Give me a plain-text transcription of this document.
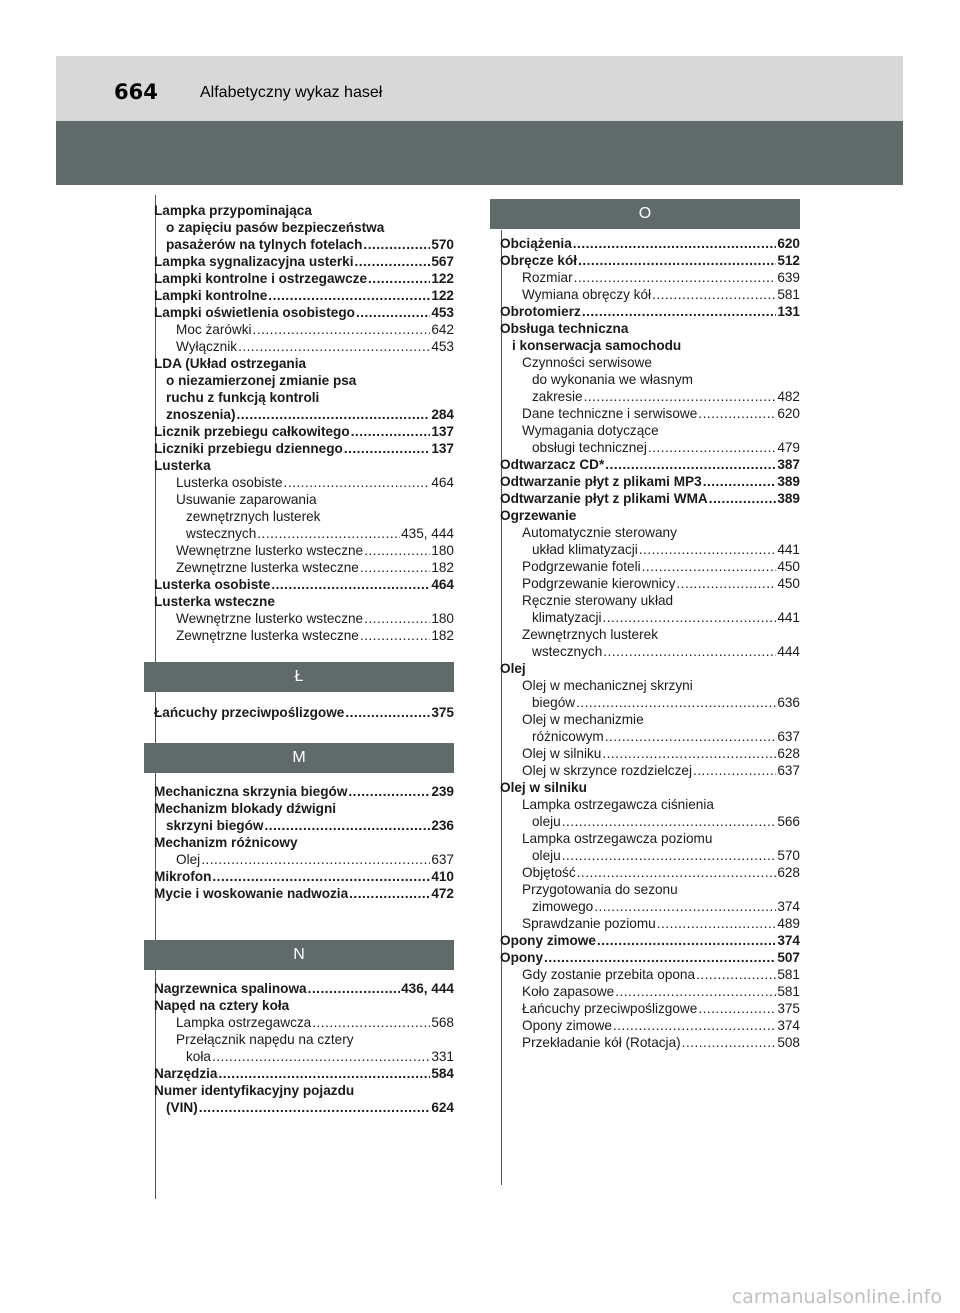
664	Alfabetyczny wykaz haseł
Lampka przypominająca
o zapięciu pasów bezpieczeństwa
pasażerów na tylnych fotelach .....	570
Lampka sygnalizacyjna usterki .....	567
Lampki kontrolne i ostrzegawcze .....	122
Lampki kontrolne .....	122
Lampki oświetlenia osobistego .....	453
Moc żarówki .....	642
Wyłącznik .....	453
LDA (Układ ostrzegania
o niezamierzonej zmianie psa
ruchu z funkcją kontroli
znoszenia) .....	284
Licznik przebiegu całkowitego .....	137
Liczniki przebiegu dziennego .....	137
Lusterka
Lusterka osobiste .....	464
Usuwanie zaparowania
zewnętrznych lusterek
wstecznych .....	435, 444
Wewnętrzne lusterko wsteczne .....	180
Zewnętrzne lusterka wsteczne .....	182
Lusterka osobiste .....	464
Lusterka wsteczne
Wewnętrzne lusterko wsteczne .....	180
Zewnętrzne lusterka wsteczne .....	182
Ł
Łańcuchy przeciwpoślizgowe .....	375
M
Mechaniczna skrzynia biegów .....	239
Mechanizm blokady dźwigni
skrzyni biegów .....	236
Mechanizm różnicowy
Olej .....	637
Mikrofon .....	410
Mycie i woskowanie nadwozia .....	472
N
Nagrzewnica spalinowa .....	436, 444
Napęd na cztery koła
Lampka ostrzegawcza .....	568
Przełącznik napędu na cztery
koła .....	331
Narzędzia .....	584
Numer identyfikacyjny pojazdu
(VIN) .....	624
O
Obciążenia .....	620
Obręcze kół .....	512
Rozmiar .....	639
Wymiana obręczy kół .....	581
Obrotomierz .....	131
Obsługa techniczna
i konserwacja samochodu
Czynności serwisowe
do wykonania we własnym
zakresie .....	482
Dane techniczne i serwisowe .....	620
Wymagania dotyczące
obsługi technicznej .....	479
Odtwarzacz CD* .....	387
Odtwarzanie płyt z plikami MP3 .....	389
Odtwarzanie płyt z plikami WMA .....	389
Ogrzewanie
Automatycznie sterowany
układ klimatyzacji .....	441
Podgrzewanie foteli .....	450
Podgrzewanie kierownicy .....	450
Ręcznie sterowany układ
klimatyzacji .....	441
Zewnętrznych lusterek
wstecznych .....	444
Olej
Olej w mechanicznej skrzyni
biegów .....	636
Olej w mechanizmie
różnicowym .....	637
Olej w silniku .....	628
Olej w skrzynce rozdzielczej .....	637
Olej w silniku
Lampka ostrzegawcza ciśnienia
oleju .....	566
Lampka ostrzegawcza poziomu
oleju .....	570
Objętość .....	628
Przygotowania do sezonu
zimowego .....	374
Sprawdzanie poziomu .....	489
Opony zimowe .....	374
Opony .....	507
Gdy zostanie przebita opona .....	581
Koło zapasowe .....	581
Łańcuchy przeciwpoślizgowe .....	375
Opony zimowe .....	374
Przekładanie kół (Rotacja) .....	508
carmanualsonline.info
